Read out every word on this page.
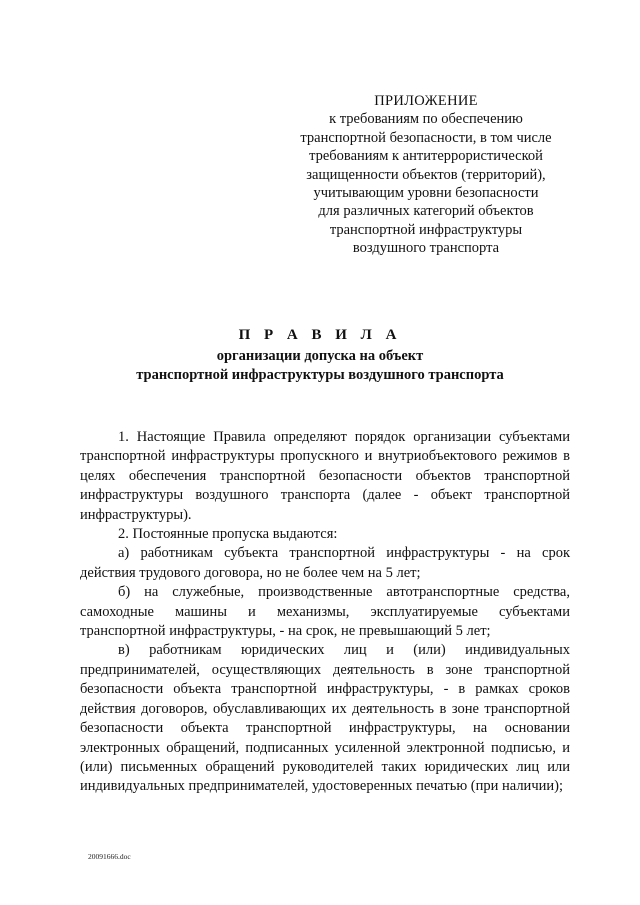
ПРИЛОЖЕНИЕ
к требованиям по обеспечению
транспортной безопасности, в том числе
требованиям к антитеррористической
защищенности объектов (территорий),
учитывающим уровни безопасности
для различных категорий объектов
транспортной инфраструктуры
воздушного транспорта
П Р А В И Л А
организации допуска на объект
транспортной инфраструктуры воздушного транспорта

1. Настоящие Правила определяют порядок организации субъектами транспортной инфраструктуры пропускного и внутриобъектового режимов в целях обеспечения транспортной безопасности объектов транспортной инфраструктуры воздушного транспорта (далее - объект транспортной инфраструктуры).

2. Постоянные пропуска выдаются:

а) работникам субъекта транспортной инфраструктуры - на срок действия трудового договора, но не более чем на 5 лет;

б) на служебные, производственные автотранспортные средства, самоходные машины и механизмы, эксплуатируемые субъектами транспортной инфраструктуры, - на срок, не превышающий 5 лет;

в) работникам юридических лиц и (или) индивидуальных предпринимателей, осуществляющих деятельность в зоне транспортной безопасности объекта транспортной инфраструктуры, - в рамках сроков действия договоров, обуславливающих их деятельность в зоне транспортной безопасности объекта транспортной инфраструктуры, на основании электронных обращений, подписанных усиленной электронной подписью, и (или) письменных обращений руководителей таких юридических лиц или индивидуальных предпринимателей, удостоверенных печатью (при наличии);

20091666.doc
